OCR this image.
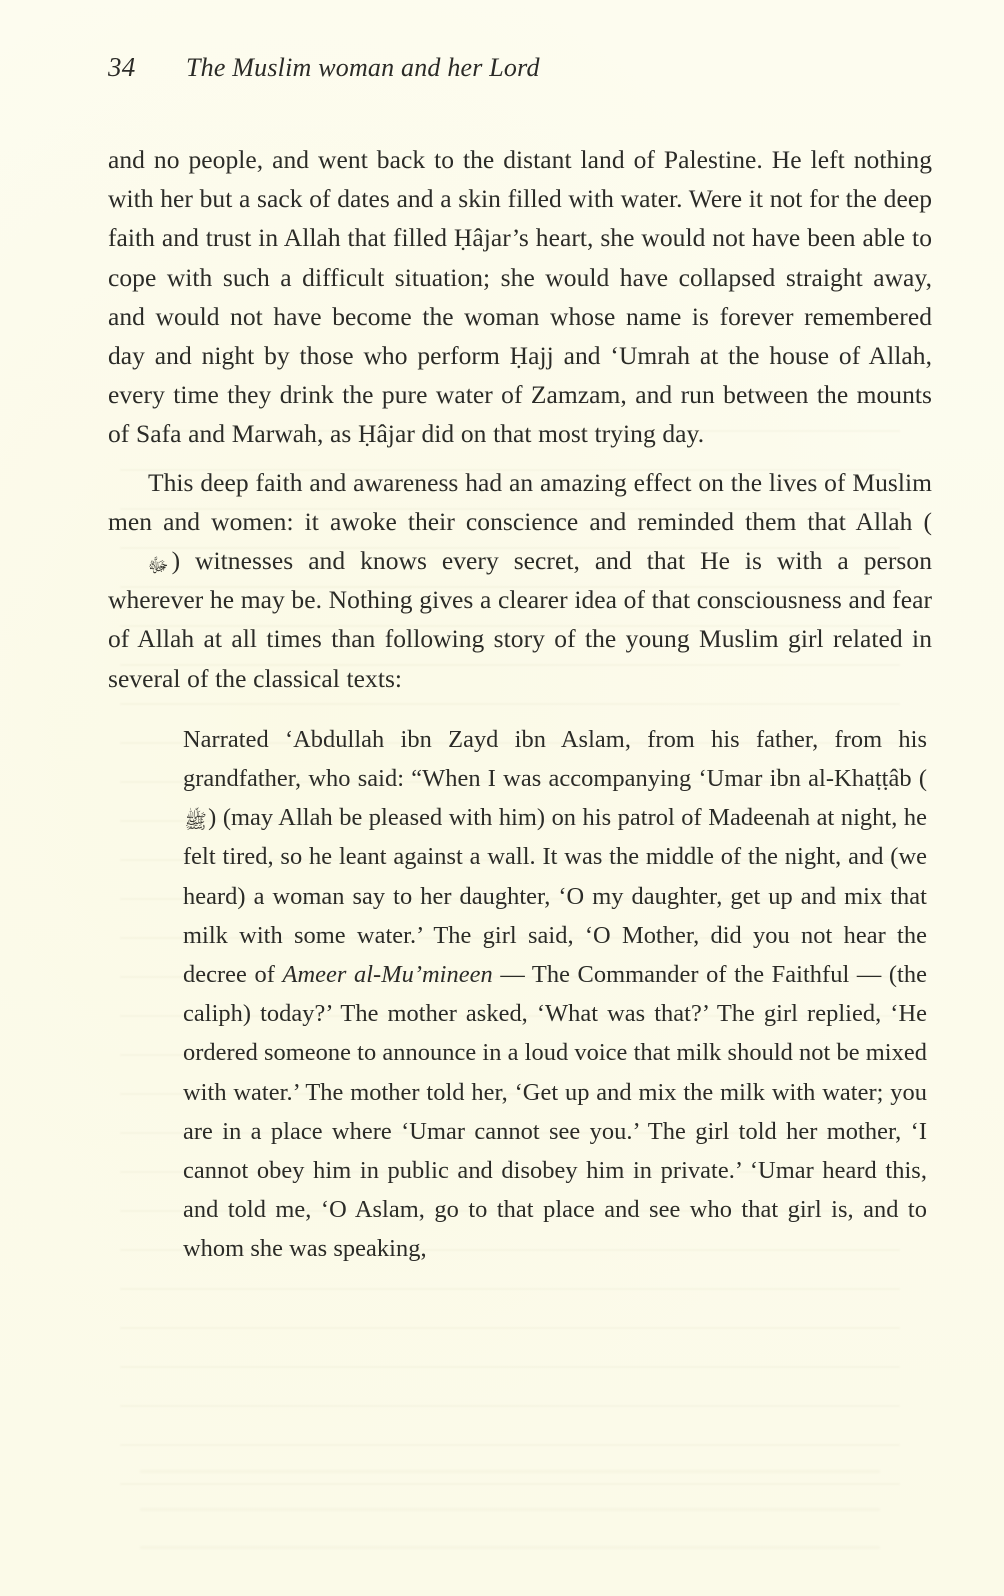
34	The Muslim woman and her Lord

and no people, and went back to the distant land of Palestine. He left nothing with her but a sack of dates and a skin filled with water. Were it not for the deep faith and trust in Allah that filled Ḥâjar’s heart, she would not have been able to cope with such a difficult situation; she would have collapsed straight away, and would not have become the woman whose name is forever remembered day and night by those who perform Ḥajj and ‘Umrah at the house of Allah, every time they drink the pure water of Zamzam, and run between the mounts of Safa and Marwah, as Ḥâjar did on that most trying day.

This deep faith and awareness had an amazing effect on the lives of Muslim men and women: it awoke their conscience and reminded them that Allah (ﷻ ) witnesses and knows every secret, and that He is with a person wherever he may be. Nothing gives a clearer idea of that consciousness and fear of Allah at all times than following story of the young Muslim girl related in several of the classical texts:

Narrated ‘Abdullah ibn Zayd ibn Aslam, from his father, from his grandfather, who said: “When I was accompanying ‘Umar ibn al-Khaṭṭâb (ﷺ) (may Allah be pleased with him) on his patrol of Madeenah at night, he felt tired, so he leant against a wall. It was the middle of the night, and (we heard) a woman say to her daughter, ‘O my daughter, get up and mix that milk with some water.’ The girl said, ‘O Mother, did you not hear the decree of Ameer al-Mu’mineen — The Commander of the Faithful — (the caliph) today?’ The mother asked, ‘What was that?’ The girl replied, ‘He ordered someone to announce in a loud voice that milk should not be mixed with water.’ The mother told her, ‘Get up and mix the milk with water; you are in a place where ‘Umar cannot see you.’ The girl told her mother, ‘I cannot obey him in public and disobey him in private.’ ‘Umar heard this, and told me, ‘O Aslam, go to that place and see who that girl is, and to whom she was speaking,
